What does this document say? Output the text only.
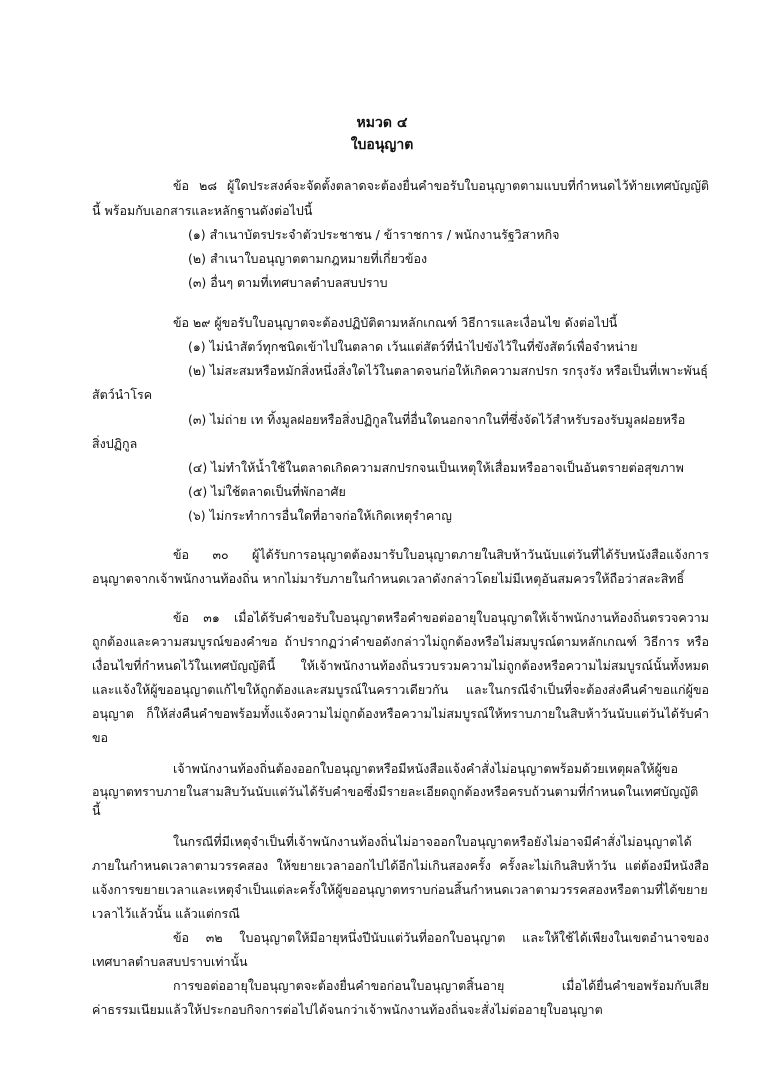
หมวด ๔
ใบอนุญาต
ข้อ ๒๘ ผู้ใดประสงค์จะจัดตั้งตลาดจะต้องยื่นคำขอรับใบอนุญาตตามแบบที่กำหนดไว้ท้ายเทศบัญญัติ
นี้ พร้อมกับเอกสารและหลักฐานดังต่อไปนี้
(๑) สำเนาบัตรประจำตัวประชาชน / ข้าราชการ / พนักงานรัฐวิสาหกิจ
(๒) สำเนาใบอนุญาตตามกฎหมายที่เกี่ยวข้อง
(๓) อื่นๆ ตามที่เทศบาลตำบลสบปราบ
ข้อ ๒๙ ผู้ขอรับใบอนุญาตจะต้องปฏิบัติตามหลักเกณฑ์ วิธีการและเงื่อนไข ดังต่อไปนี้
(๑) ไม่นำสัตว์ทุกชนิดเข้าไปในตลาด เว้นแต่สัตว์ที่นำไปขังไว้ในที่ขังสัตว์เพื่อจำหน่าย
(๒) ไม่สะสมหรือหมักสิ่งหนึ่งสิ่งใดไว้ในตลาดจนก่อให้เกิดความสกปรก รกรุงรัง หรือเป็นที่เพาะพันธุ์
สัตว์นำโรค
(๓) ไม่ถ่าย เท ทิ้งมูลฝอยหรือสิ่งปฏิกูลในที่อื่นใดนอกจากในที่ซึ่งจัดไว้สำหรับรองรับมูลฝอยหรือ
สิ่งปฏิกูล
(๔) ไม่ทำให้น้ำใช้ในตลาดเกิดความสกปรกจนเป็นเหตุให้เสื่อมหรืออาจเป็นอันตรายต่อสุขภาพ
(๕) ไม่ใช้ตลาดเป็นที่พักอาศัย
(๖) ไม่กระทำการอื่นใดที่อาจก่อให้เกิดเหตุรำคาญ
ข้อ ๓๐ ผู้ได้รับการอนุญาตต้องมารับใบอนุญาตภายในสิบห้าวันนับแต่วันที่ได้รับหนังสือแจ้งการ
อนุญาตจากเจ้าพนักงานท้องถิ่น หากไม่มารับภายในกำหนดเวลาดังกล่าวโดยไม่มีเหตุอันสมควรให้ถือว่าสละสิทธิ์
ข้อ ๓๑ เมื่อได้รับคำขอรับใบอนุญาตหรือคำขอต่ออายุใบอนุญาตให้เจ้าพนักงานท้องถิ่นตรวจความ
ถูกต้องและความสมบูรณ์ของคำขอ ถ้าปรากฏว่าคำขอดังกล่าวไม่ถูกต้องหรือไม่สมบูรณ์ตามหลักเกณฑ์ วิธีการ หรือ
เงื่อนไขที่กำหนดไว้ในเทศบัญญัตินี้ ให้เจ้าพนักงานท้องถิ่นรวบรวมความไม่ถูกต้องหรือความไม่สมบูรณ์นั้นทั้งหมด
และแจ้งให้ผู้ขออนุญาตแก้ไขให้ถูกต้องและสมบูรณ์ในคราวเดียวกัน และในกรณีจำเป็นที่จะต้องส่งคืนคำขอแก่ผู้ขอ
อนุญาต ก็ให้ส่งคืนคำขอพร้อมทั้งแจ้งความไม่ถูกต้องหรือความไม่สมบูรณ์ให้ทราบภายในสิบห้าวันนับแต่วันได้รับคำ
ขอ
เจ้าพนักงานท้องถิ่นต้องออกใบอนุญาตหรือมีหนังสือแจ้งคำสั่งไม่อนุญาตพร้อมด้วยเหตุผลให้ผู้ขอ
อนุญาตทราบภายในสามสิบวันนับแต่วันได้รับคำขอซึ่งมีรายละเอียดถูกต้องหรือครบถ้วนตามที่กำหนดในเทศบัญญัติ
นี้
ในกรณีที่มีเหตุจำเป็นที่เจ้าพนักงานท้องถิ่นไม่อาจออกใบอนุญาตหรือยังไม่อาจมีคำสั่งไม่อนุญาตได้
ภายในกำหนดเวลาตามวรรคสอง ให้ขยายเวลาออกไปได้อีกไม่เกินสองครั้ง ครั้งละไม่เกินสิบห้าวัน แต่ต้องมีหนังสือ
แจ้งการขยายเวลาและเหตุจำเป็นแต่ละครั้งให้ผู้ขออนุญาตทราบก่อนสิ้นกำหนดเวลาตามวรรคสองหรือตามที่ได้ขยาย
เวลาไว้แล้วนั้น แล้วแต่กรณี
ข้อ ๓๒ ใบอนุญาตให้มีอายุหนึ่งปีนับแต่วันที่ออกใบอนุญาต และให้ใช้ได้เพียงในเขตอำนาจของ
เทศบาลตำบลสบปราบเท่านั้น
การขอต่ออายุใบอนุญาตจะต้องยื่นคำขอก่อนใบอนุญาตสิ้นอายุ เมื่อได้ยื่นคำขอพร้อมกับเสีย
ค่าธรรมเนียมแล้วให้ประกอบกิจการต่อไปได้จนกว่าเจ้าพนักงานท้องถิ่นจะสั่งไม่ต่ออายุใบอนุญาต
